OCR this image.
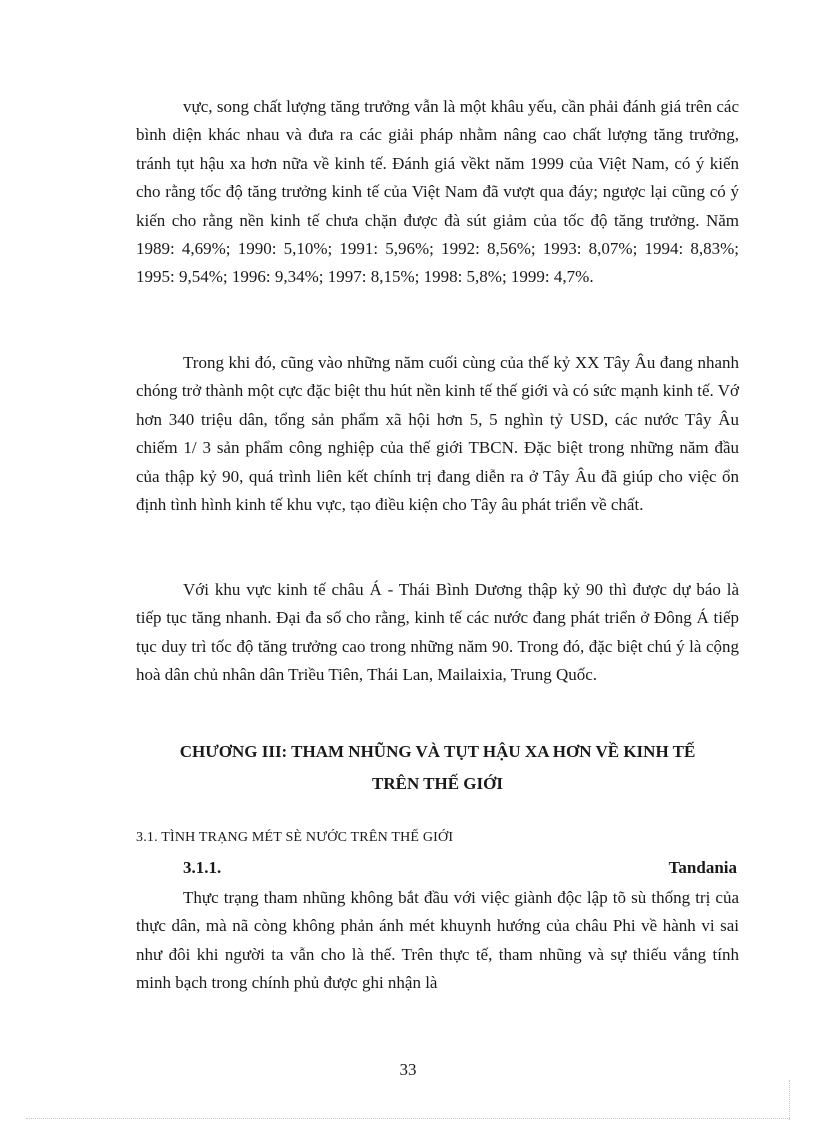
vực, song chất lượng tăng trưởng vẫn là một khâu yếu, cần phải đánh giá trên các bình diện khác nhau và đưa ra các giải pháp nhằm nâng cao chất lượng tăng trưởng, tránh tụt hậu xa hơn nữa về kinh tế. Đánh giá vềkt năm 1999 của Việt Nam, có ý kiến cho rằng tốc độ tăng trưởng kinh tế của Việt Nam đã vượt qua đáy; ngược lại cũng có ý kiến cho rằng nền kinh tế chưa chặn được đà sút giảm của tốc độ tăng trưởng. Năm 1989: 4,69%; 1990: 5,10%; 1991: 5,96%; 1992: 8,56%; 1993: 8,07%; 1994: 8,83%; 1995: 9,54%; 1996: 9,34%; 1997: 8,15%; 1998: 5,8%; 1999: 4,7%.

Trong khi đó, cũng vào những năm cuối cùng của thế kỷ XX Tây Âu đang nhanh chóng trở thành một cực đặc biệt thu hút nền kinh tế thế giới và có sức mạnh kinh tế. Vớ hơn 340 triệu dân, tổng sản phẩm xã hội hơn 5, 5 nghìn tỷ USD, các nước Tây Âu chiếm 1/ 3 sản phẩm công nghiệp của thế giới TBCN. Đặc biệt trong những năm đầu của thập kỷ 90, quá trình liên kết chính trị đang diễn ra ở Tây Âu đã giúp cho việc ổn định tình hình kinh tế khu vực, tạo điều kiện cho Tây âu phát triển về chất.

Với khu vực kinh tế châu Á - Thái Bình Dương thập kỷ 90 thì được dự báo là tiếp tục tăng nhanh. Đại đa số cho rằng, kinh tế các nước đang phát triển ở Đông Á tiếp tục duy trì tốc độ tăng trưởng cao trong những năm 90. Trong đó, đặc biệt chú ý là cộng hoà dân chủ nhân dân Triều Tiên, Thái Lan, Mailaixia, Trung Quốc.

CHƯƠNG III: THAM NHŨNG VÀ TỤT HẬU XA HƠN VỀ KINH TẾ
TRÊN THẾ GIỚI
3.1. TÌNH TRẠNG MÉT SÈ NƯỚC TRÊN THẾ GIỚI
3.1.1.	Tandania

Thực trạng tham nhũng không bắt đầu với việc giành độc lập tõ sù thống trị của thực dân, mà nã còng không phản ánh mét khuynh hướng của châu Phi về hành vi sai như đôi khi người ta vẫn cho là thế. Trên thực tế, tham nhũng và sự thiếu vắng tính minh bạch trong chính phủ được ghi nhận là

33
